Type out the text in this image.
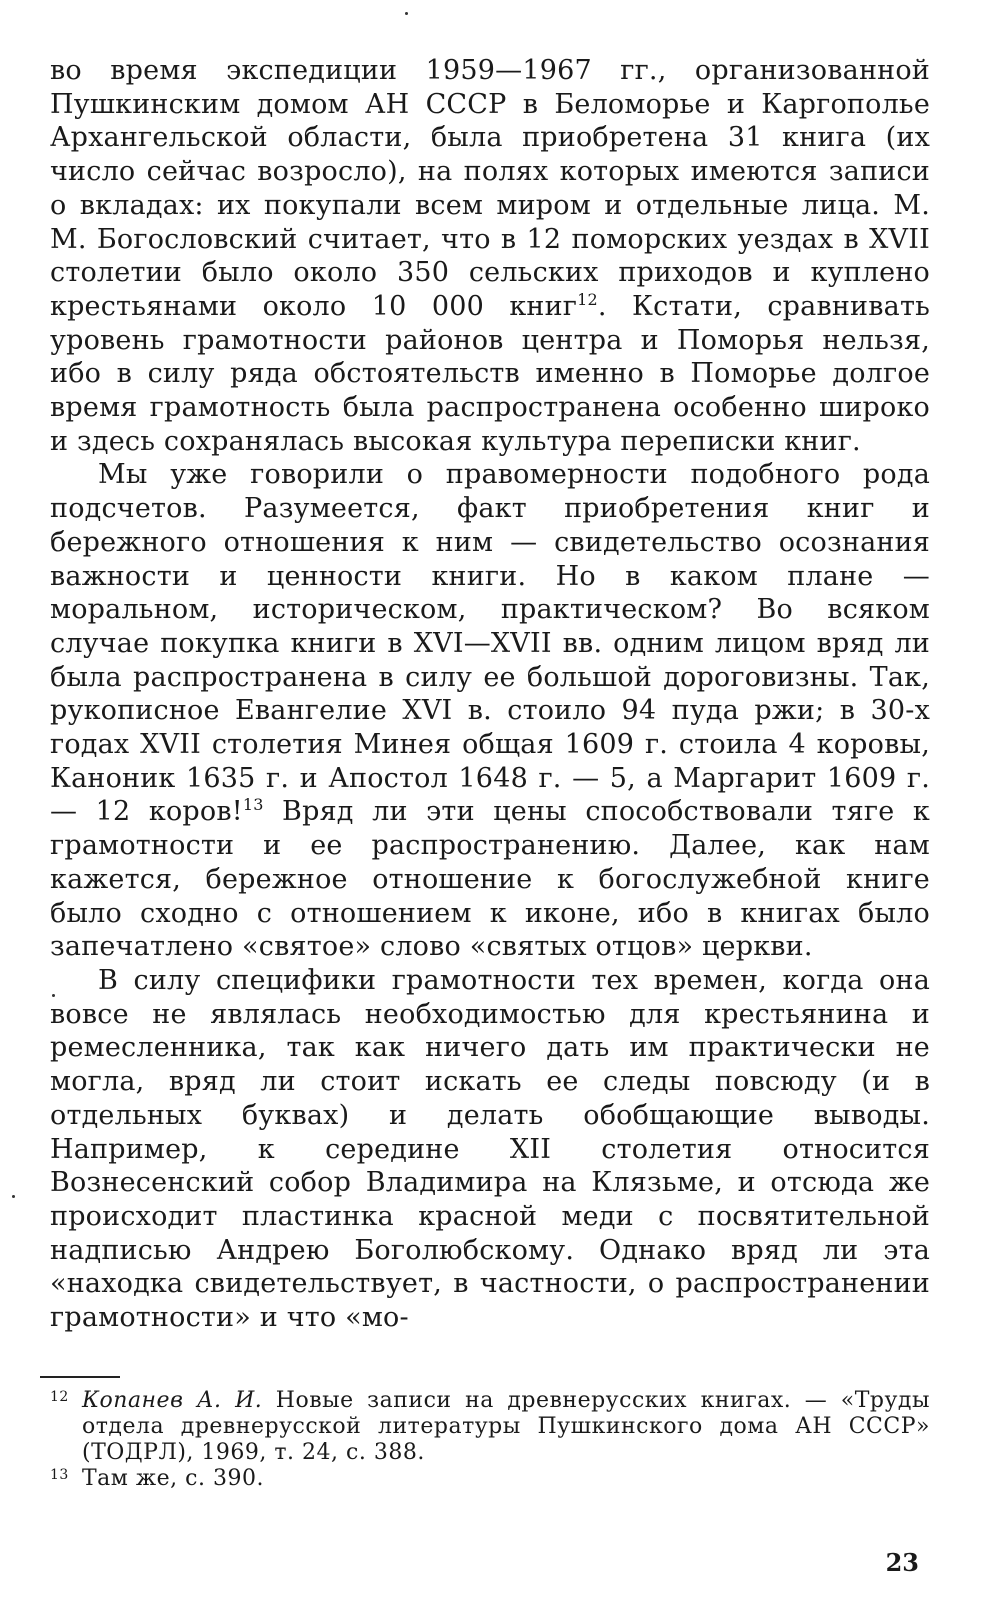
во время экспедиции 1959—1967 гг., организованной Пушкинским домом АН СССР в Беломорье и Каргополье Архангельской области, была приобретена 31 книга (их число сейчас возросло), на полях которых имеются записи о вкладах: их покупали всем миром и отдельные лица. М. М. Богословский считает, что в 12 поморских уездах в XVII столетии было около 350 сельских приходов и куплено крестьянами около 10 000 книг$^{12}$. Кстати, сравнивать уровень грамотности районов центра и Поморья нельзя, ибо в силу ряда обстоятельств именно в Поморье долгое время грамотность была распространена особенно широко и здесь сохранялась высокая культура переписки книг.

Мы уже говорили о правомерности подобного рода подсчетов. Разумеется, факт приобретения книг и бережного отношения к ним — свидетельство осознания важности и ценности книги. Но в каком плане — моральном, историческом, практическом? Во всяком случае покупка книги в XVI—XVII вв. одним лицом вряд ли была распространена в силу ее большой дороговизны. Так, рукописное Евангелие XVI в. стоило 94 пуда ржи; в 30-х годах XVII столетия Минея общая 1609 г. стоила 4 коровы, Каноник 1635 г. и Апостол 1648 г. — 5, а Маргарит 1609 г. — 12 коров!$^{13}$ Вряд ли эти цены способствовали тяге к грамотности и ее распространению. Далее, как нам кажется, бережное отношение к богослужебной книге было сходно с отношением к иконе, ибо в книгах было запечатлено «святое» слово «святых отцов» церкви.

В силу специфики грамотности тех времен, когда она вовсе не являлась необходимостью для крестьянина и ремесленника, так как ничего дать им практически не могла, вряд ли стоит искать ее следы повсюду (и в отдельных буквах) и делать обобщающие выводы. Например, к середине XII столетия относится Вознесенский собор Владимира на Клязьме, и отсюда же происходит пластинка красной меди с посвятительной надписью Андрею Боголюбскому. Однако вряд ли эта «находка свидетельствует, в частности, о распространении грамотности» и что «мо-

12 Копанев А. И. Новые записи на древнерусских книгах. — «Труды отдела древнерусской литературы Пушкинского дома АН СССР» (ТОДРЛ), 1969, т. 24, с. 388.

13 Там же, с. 390.

23
